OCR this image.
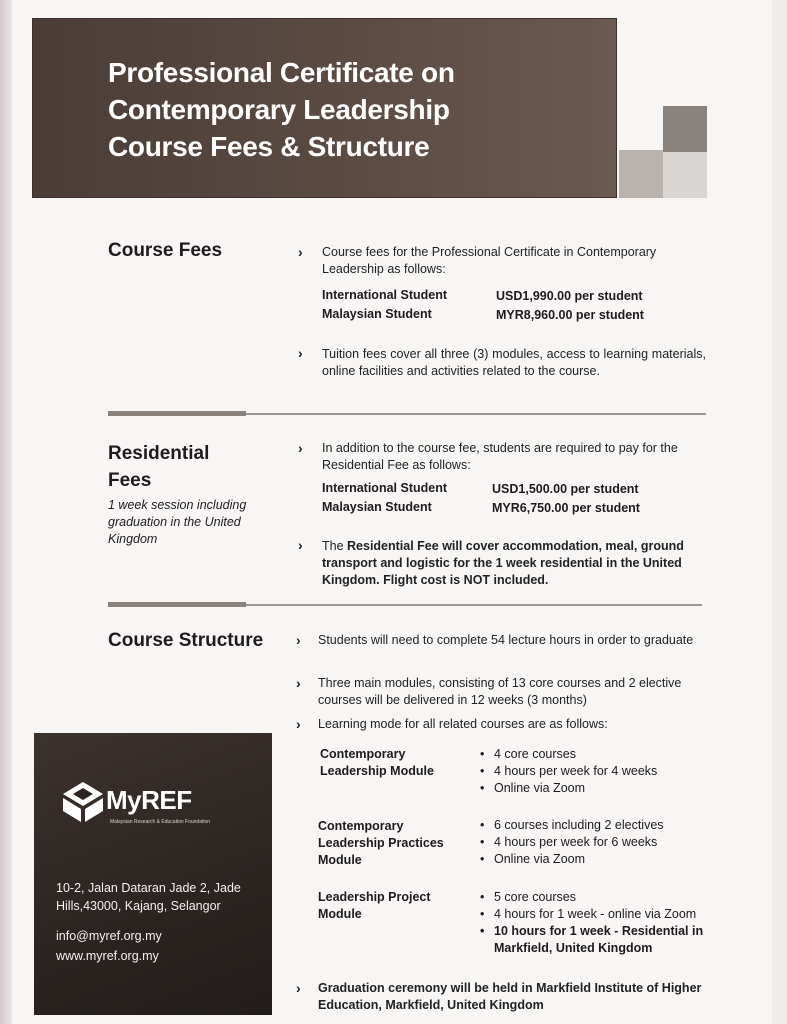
Professional Certificate on
Contemporary Leadership
Course Fees & Structure
Course Fees	›	Course fees for the Professional Certificate in Contemporary Leadership as follows:
International Student	USD1,990.00 per student
Malaysian Student	MYR8,960.00 per student
›	Tuition fees cover all three (3) modules, access to learning materials, online facilities and activities related to the course.
Residential
Fees
1 week session including graduation in the United Kingdom
›	In addition to the course fee, students are required to pay for the Residential Fee as follows:
International Student	USD1,500.00 per student
Malaysian Student	MYR6,750.00 per student
›	The Residential Fee will cover accommodation, meal, ground transport and logistic for the 1 week residential in the United Kingdom. Flight cost is NOT included.
Course Structure ›	Students will need to complete 54 lecture hours in order to graduate
›	Three main modules, consisting of 13 core courses and 2 elective courses will be delivered in 12 weeks (3 months)
›	Learning mode for all related courses are as follows:
Contemporary Leadership Module
• 4 core courses
• 4 hours per week for 4 weeks
• Online via Zoom
Contemporary Leadership Practices Module
• 6 courses including 2 electives
• 4 hours per week for 6 weeks
• Online via Zoom
Leadership Project Module
• 5 core courses
• 4 hours for 1 week - online via Zoom
• 10 hours for 1 week - Residential in Markfield, United Kingdom
›	Graduation ceremony will be held in Markfield Institute of Higher Education, Markfield, United Kingdom
MyREF
Malaysian Research & Education Foundation
10-2, Jalan Dataran Jade 2, Jade Hills,43000, Kajang, Selangor
info@myref.org.my
www.myref.org.my
